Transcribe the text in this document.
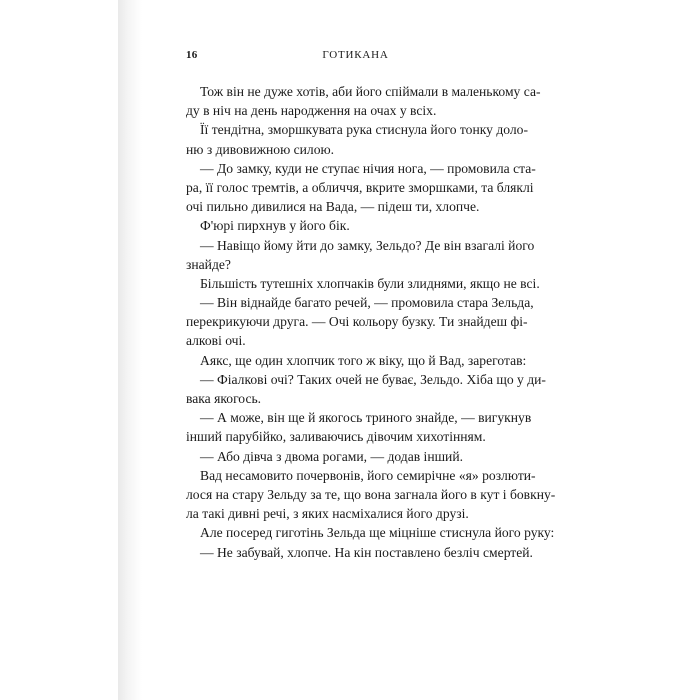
16	ГОТИКАНА
Тож він не дуже хотів, аби його спіймали в маленькому са-
ду в ніч на день народження на очах у всіх.
Її тендітна, зморшкувата рука стиснула його тонку доло-
ню з дивовижною силою.
— До замку, куди не ступає нічия нога, — промовила ста-
ра, її голос тремтів, а обличчя, вкрите зморшками, та бляклі
очі пильно дивилися на Вада, — підеш ти, хлопче.
Ф'юрі пирхнув у його бік.
— Навіщо йому йти до замку, Зельдо? Де він взагалі його
знайде?
Більшість тутешніх хлопчаків були злиднями, якщо не всі.
— Він віднайде багато речей, — промовила стара Зельда,
перекрикуючи друга. — Очі кольору бузку. Ти знайдеш фі-
алкові очі.
Аякс, ще один хлопчик того ж віку, що й Вад, зареготав:
— Фіалкові очі? Таких очей не буває, Зельдо. Хіба що у ди-
вака якогось.
— А може, він ще й якогось триного знайде, — вигукнув
інший парубійко, заливаючись дівочим хихотінням.
— Або дівча з двома рогами, — додав інший.
Вад несамовито почервонів, його семирічне «я» розлюти-
лося на стару Зельду за те, що вона загнала його в кут і бовкну-
ла такі дивні речі, з яких насміхалися його друзі.
Але посеред гиготінь Зельда ще міцніше стиснула його руку:
— Не забувай, хлопче. На кін поставлено безліч смертей.
